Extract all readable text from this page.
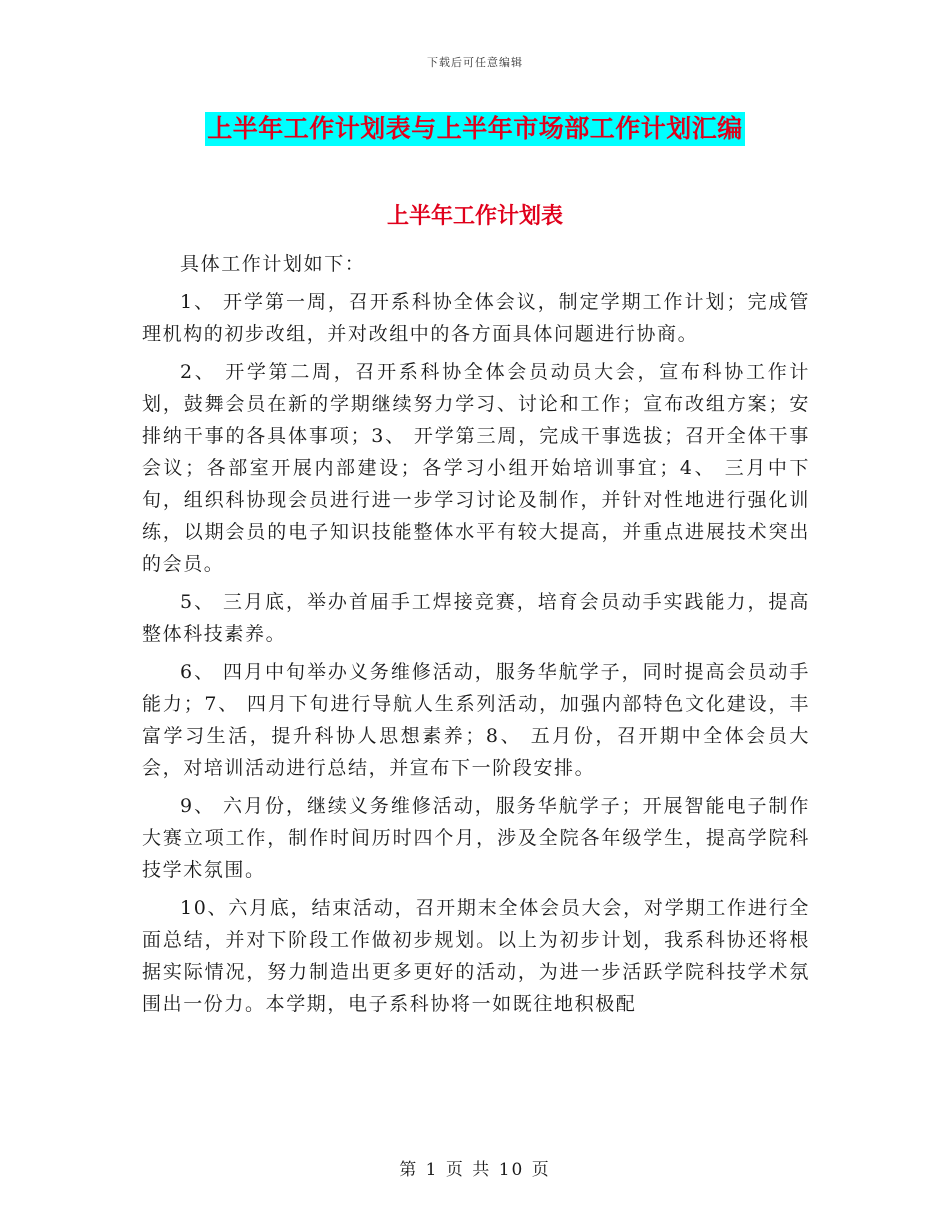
下载后可任意编辑
上半年工作计划表与上半年市场部工作计划汇编
上半年工作计划表

具体工作计划如下：

1、 开学第一周，召开系科协全体会议，制定学期工作计划；完成管理机构的初步改组，并对改组中的各方面具体问题进行协商。

2、 开学第二周，召开系科协全体会员动员大会，宣布科协工作计划，鼓舞会员在新的学期继续努力学习、讨论和工作；宣布改组方案；安排纳干事的各具体事项；3、 开学第三周，完成干事选拔；召开全体干事会议；各部室开展内部建设；各学习小组开始培训事宜；4、 三月中下旬，组织科协现会员进行进一步学习讨论及制作，并针对性地进行强化训练，以期会员的电子知识技能整体水平有较大提高，并重点进展技术突出的会员。

5、 三月底，举办首届手工焊接竞赛，培育会员动手实践能力，提高整体科技素养。

6、 四月中旬举办义务维修活动，服务华航学子，同时提高会员动手能力；7、 四月下旬进行导航人生系列活动，加强内部特色文化建设，丰富学习生活，提升科协人思想素养；8、 五月份，召开期中全体会员大会，对培训活动进行总结，并宣布下一阶段安排。

9、 六月份，继续义务维修活动，服务华航学子；开展智能电子制作大赛立项工作，制作时间历时四个月，涉及全院各年级学生，提高学院科技学术氛围。

10、六月底，结束活动，召开期末全体会员大会，对学期工作进行全面总结，并对下阶段工作做初步规划。以上为初步计划，我系科协还将根据实际情况，努力制造出更多更好的活动，为进一步活跃学院科技学术氛围出一份力。本学期，电子系科协将一如既往地积极配

第 1 页 共 10 页
